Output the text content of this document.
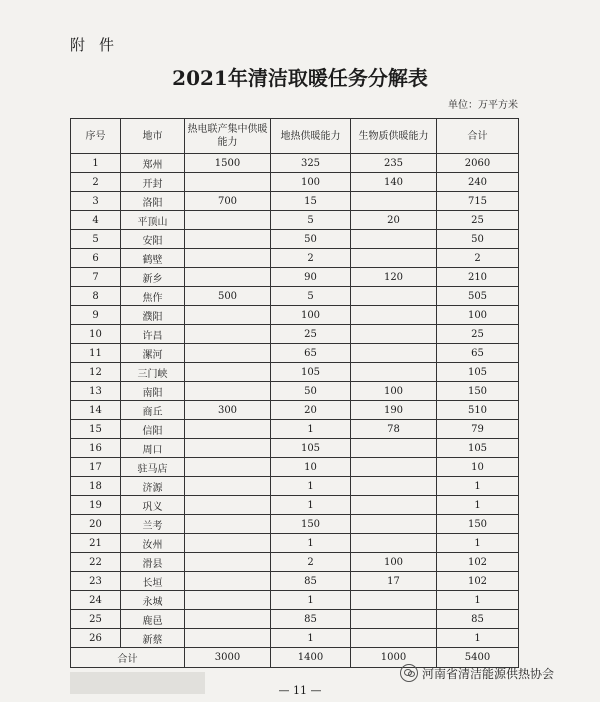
附件
2021年清洁取暖任务分解表
单位：万平方米
序号	地市	热电联产集中供暖能力	地热供暖能力	生物质供暖能力	合计
1	郑州	1500	325	235	2060
2	开封		100	140	240
3	洛阳	700	15		715
4	平顶山		5	20	25
5	安阳		50		50
6	鹤壁		2		2
7	新乡		90	120	210
8	焦作	500	5		505
9	濮阳		100		100
10	许昌		25		25
11	漯河		65		65
12	三门峡		105		105
13	南阳		50	100	150
14	商丘	300	20	190	510
15	信阳		1	78	79
16	周口		105		105
17	驻马店		10		10
18	济源		1		1
19	巩义		1		1
20	兰考		150		150
21	汝州		1		1
22	滑县		2	100	102
23	长垣		85	17	102
24	永城		1		1
25	鹿邑		85		85
26	新蔡		1		1
合计		3000	1400	1000	5400
河南省清洁能源供热协会
— 11 —
